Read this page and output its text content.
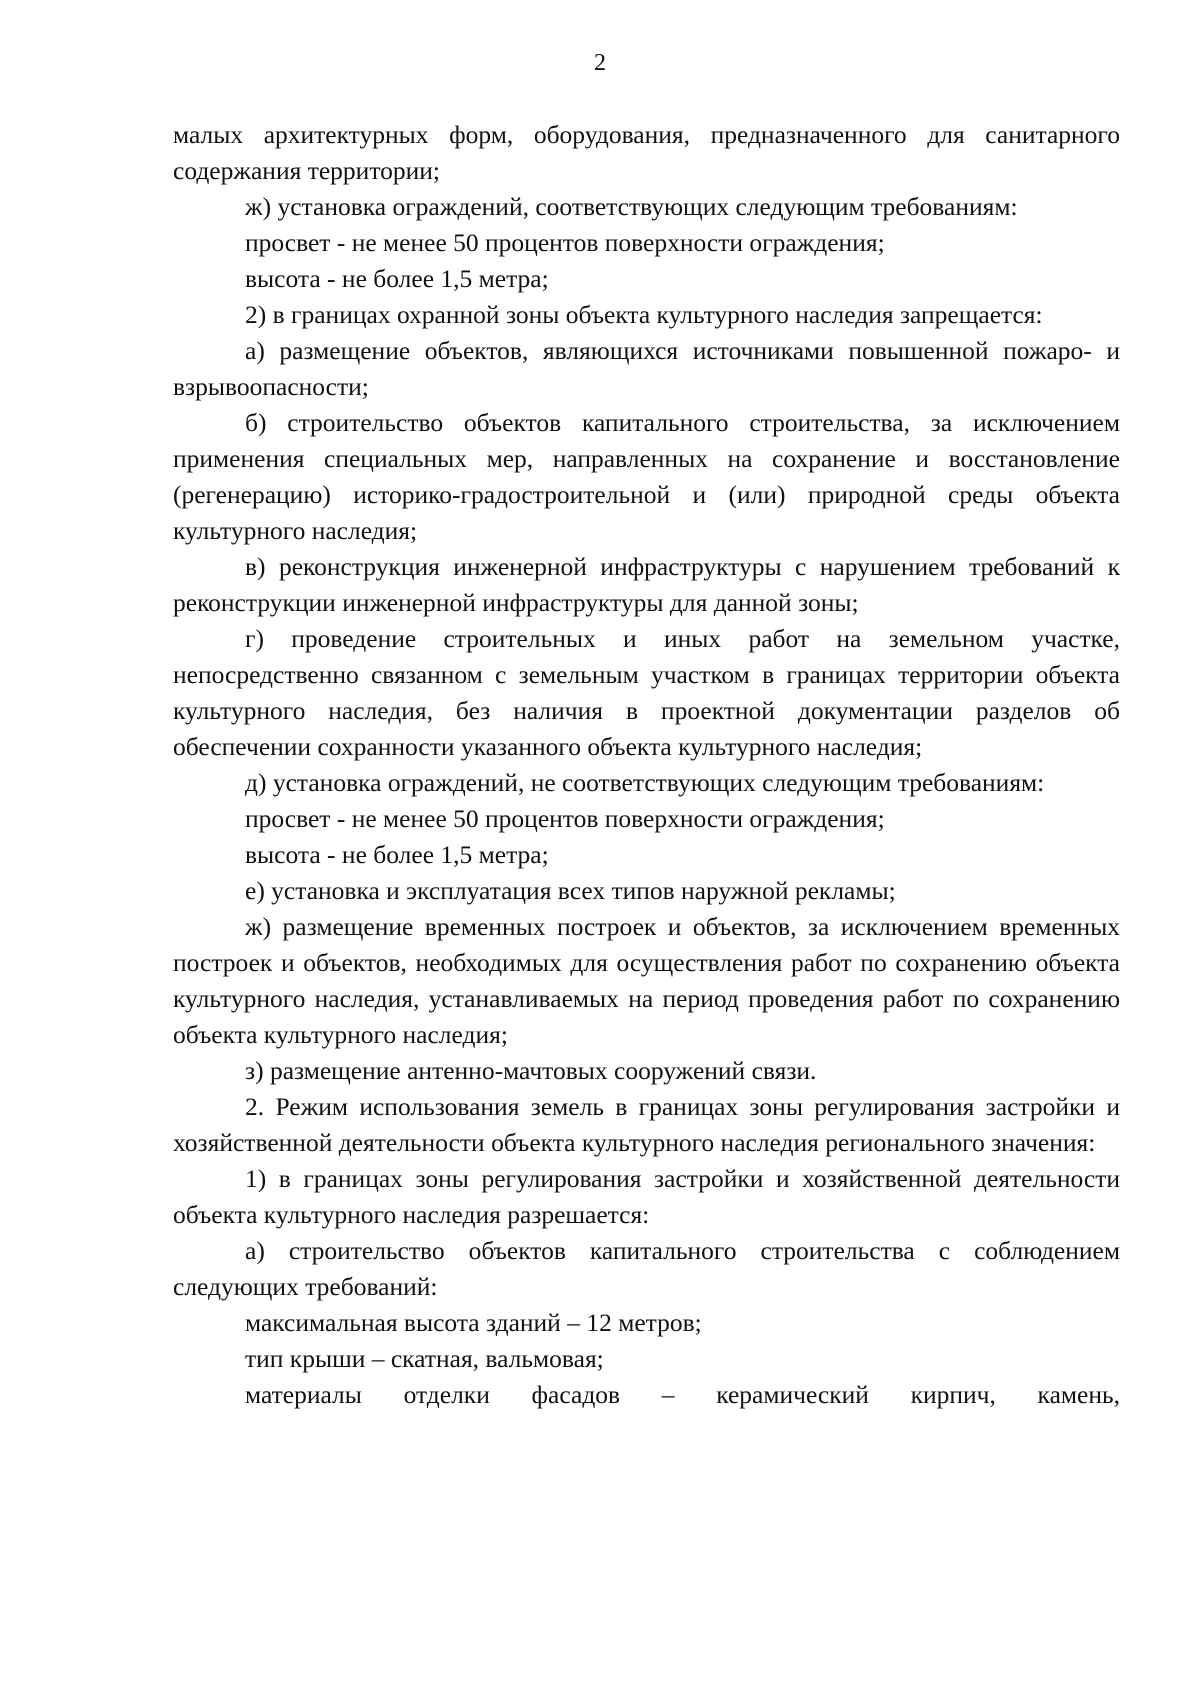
2

малых архитектурных форм, оборудования, предназначенного для санитарного содержания территории;

ж) установка ограждений, соответствующих следующим требованиям:

просвет - не менее 50 процентов поверхности ограждения;

высота - не более 1,5 метра;

2) в границах охранной зоны объекта культурного наследия запрещается:

а) размещение объектов, являющихся источниками повышенной пожаро- и взрывоопасности;

б) строительство объектов капитального строительства, за исключением применения специальных мер, направленных на сохранение и восстановление (регенерацию) историко-градостроительной и (или) природной среды объекта культурного наследия;

в) реконструкция инженерной инфраструктуры с нарушением требований к реконструкции инженерной инфраструктуры для данной зоны;

г) проведение строительных и иных работ на земельном участке, непосредственно связанном с земельным участком в границах территории объекта культурного наследия, без наличия в проектной документации разделов об обеспечении сохранности указанного объекта культурного наследия;

д) установка ограждений, не соответствующих следующим требованиям:

просвет - не менее 50 процентов поверхности ограждения;

высота - не более 1,5 метра;

е) установка и эксплуатация всех типов наружной рекламы;

ж) размещение временных построек и объектов, за исключением временных построек и объектов, необходимых для осуществления работ по сохранению объекта культурного наследия, устанавливаемых на период проведения работ по сохранению объекта культурного наследия;

з) размещение антенно-мачтовых сооружений связи.

2. Режим использования земель в границах зоны регулирования застройки и хозяйственной деятельности объекта культурного наследия регионального значения:

1) в границах зоны регулирования застройки и хозяйственной деятельности объекта культурного наследия разрешается:

а) строительство объектов капитального строительства с соблюдением следующих требований:

максимальная высота зданий – 12 метров;

тип крыши – скатная, вальмовая;

материалы отделки фасадов – керамический кирпич, камень,
